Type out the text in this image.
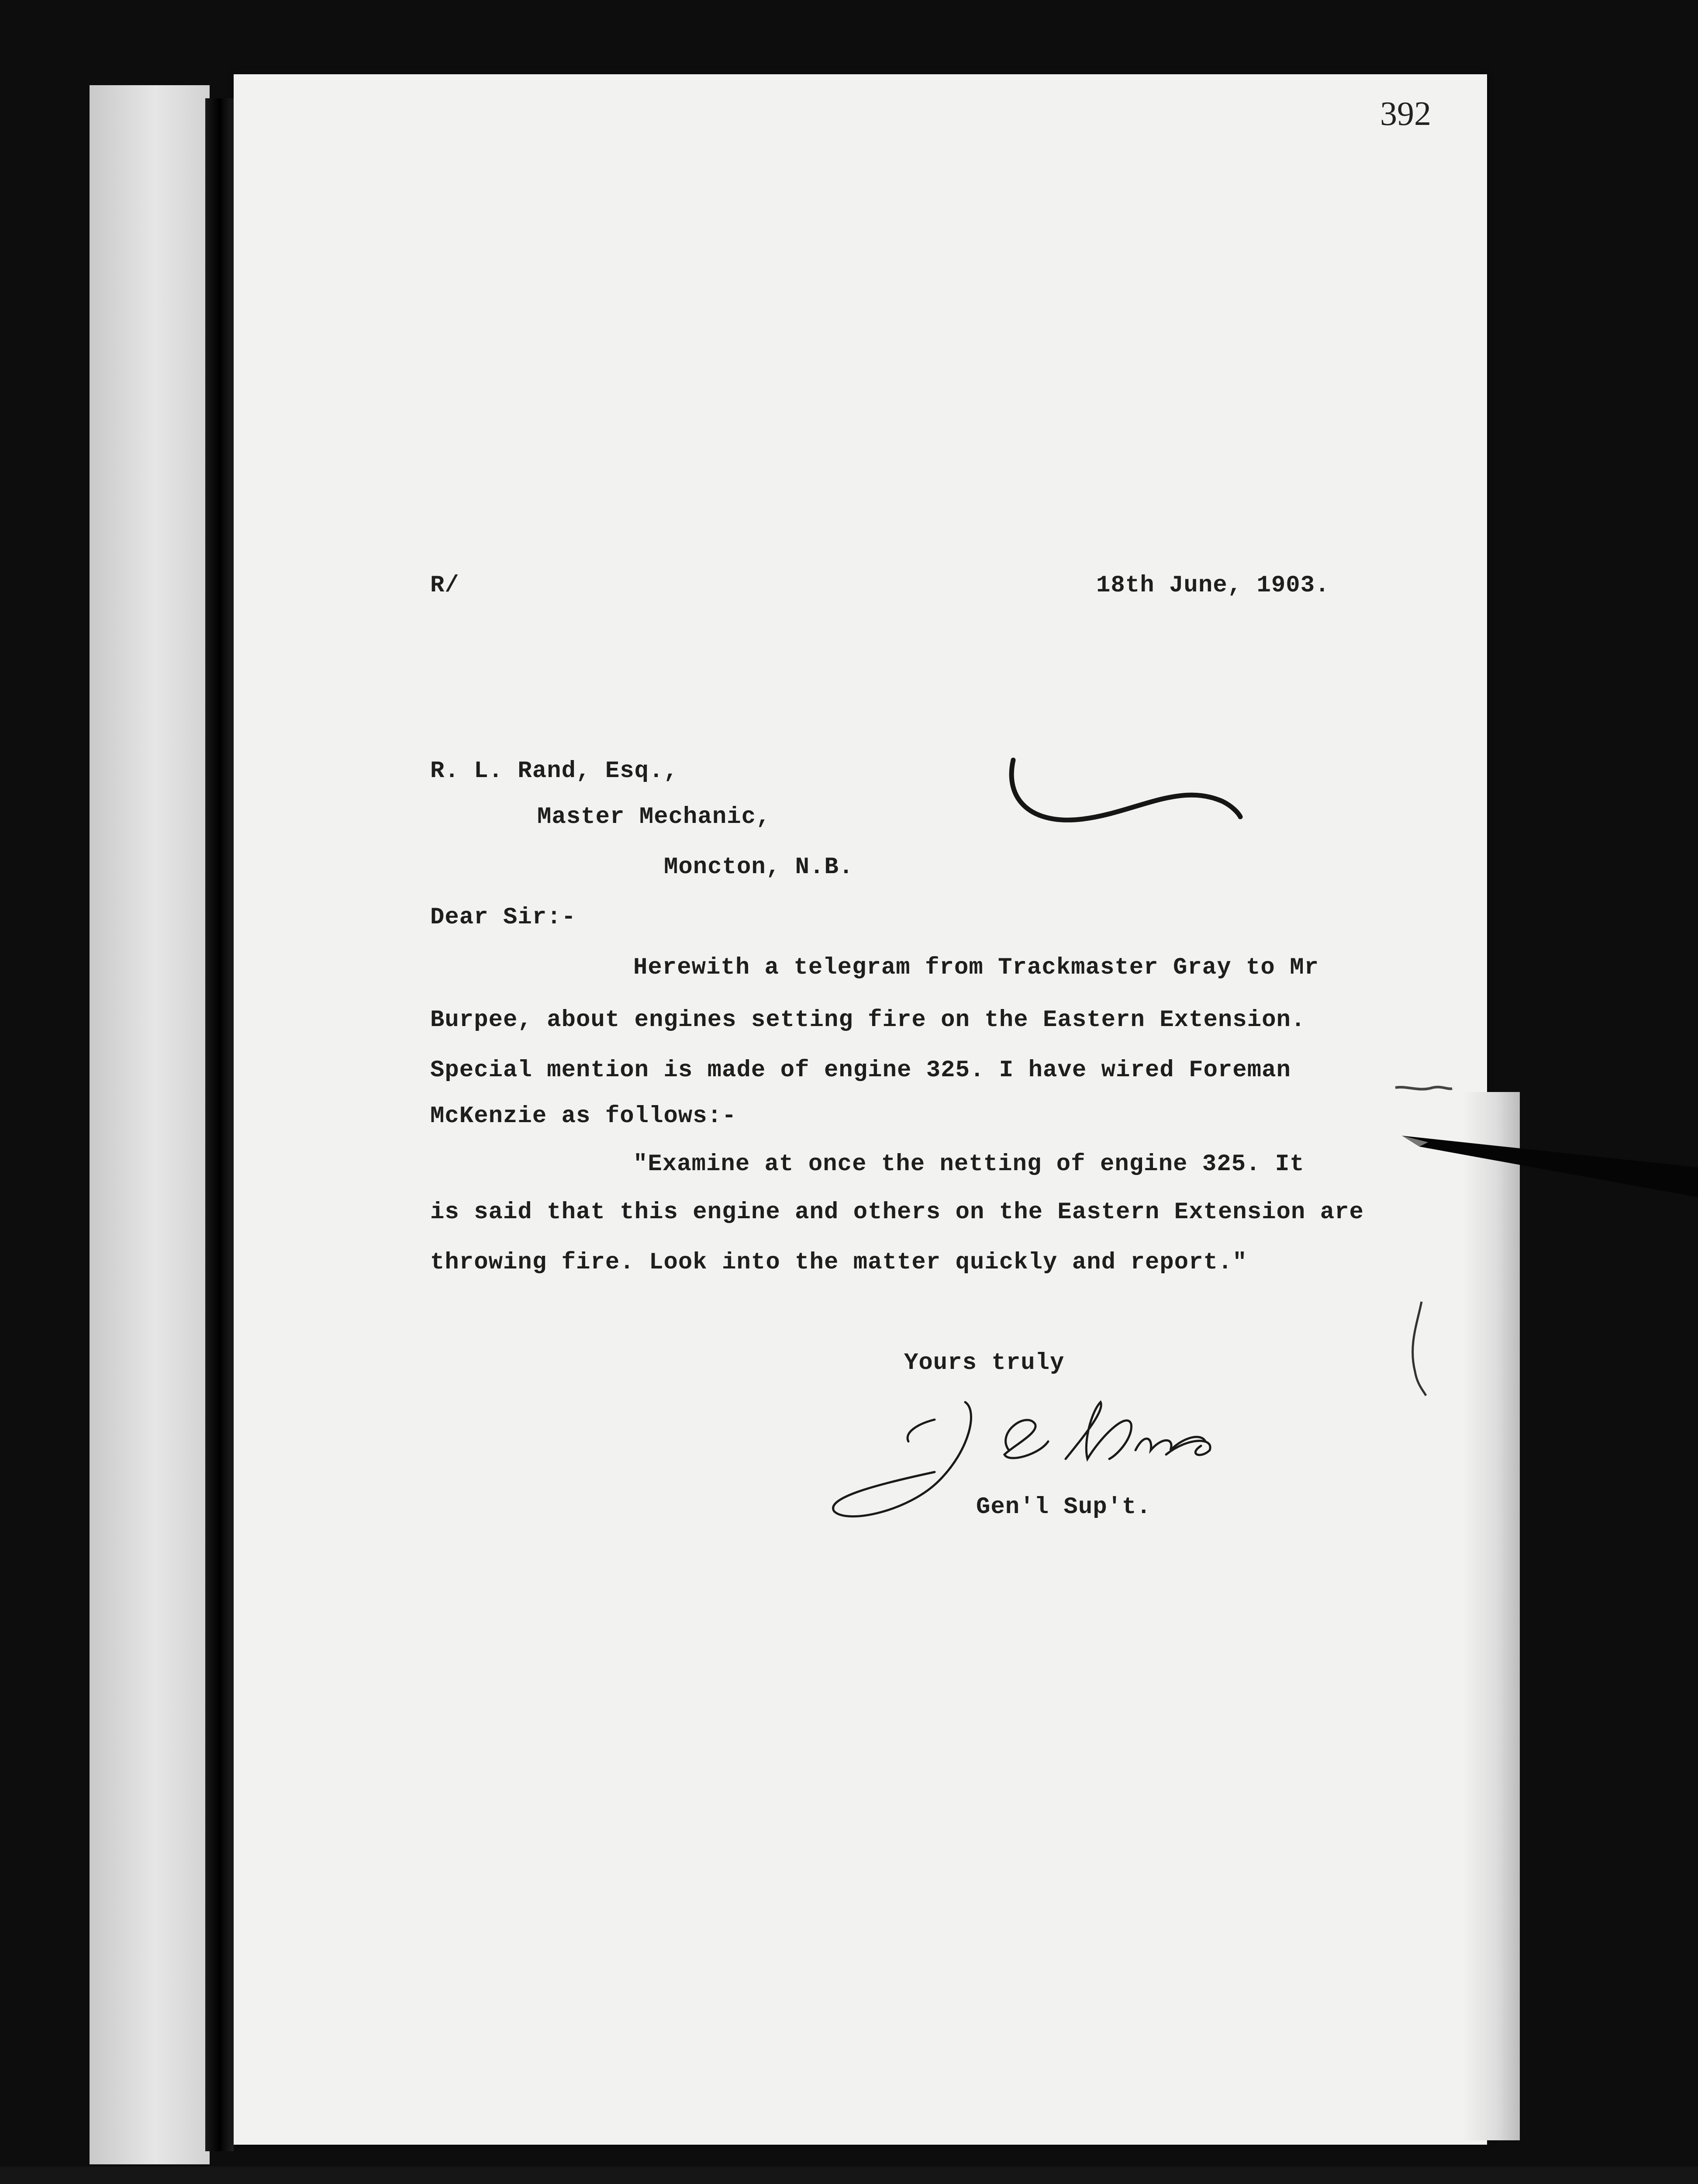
392
R/	18th June, 1903.
R. L. Rand, Esq.,
Master Mechanic,
Moncton, N.B.
Dear Sir:-
Herewith a telegram from Trackmaster Gray to Mr
Burpee, about engines setting fire on the Eastern Extension.
Special mention is made of engine 325. I have wired Foreman
McKenzie as follows:-
"Examine at once the netting of engine 325. It
is said that this engine and others on the Eastern Extension are
throwing fire. Look into the matter quickly and report."
Yours truly
Gen'l Sup't.
